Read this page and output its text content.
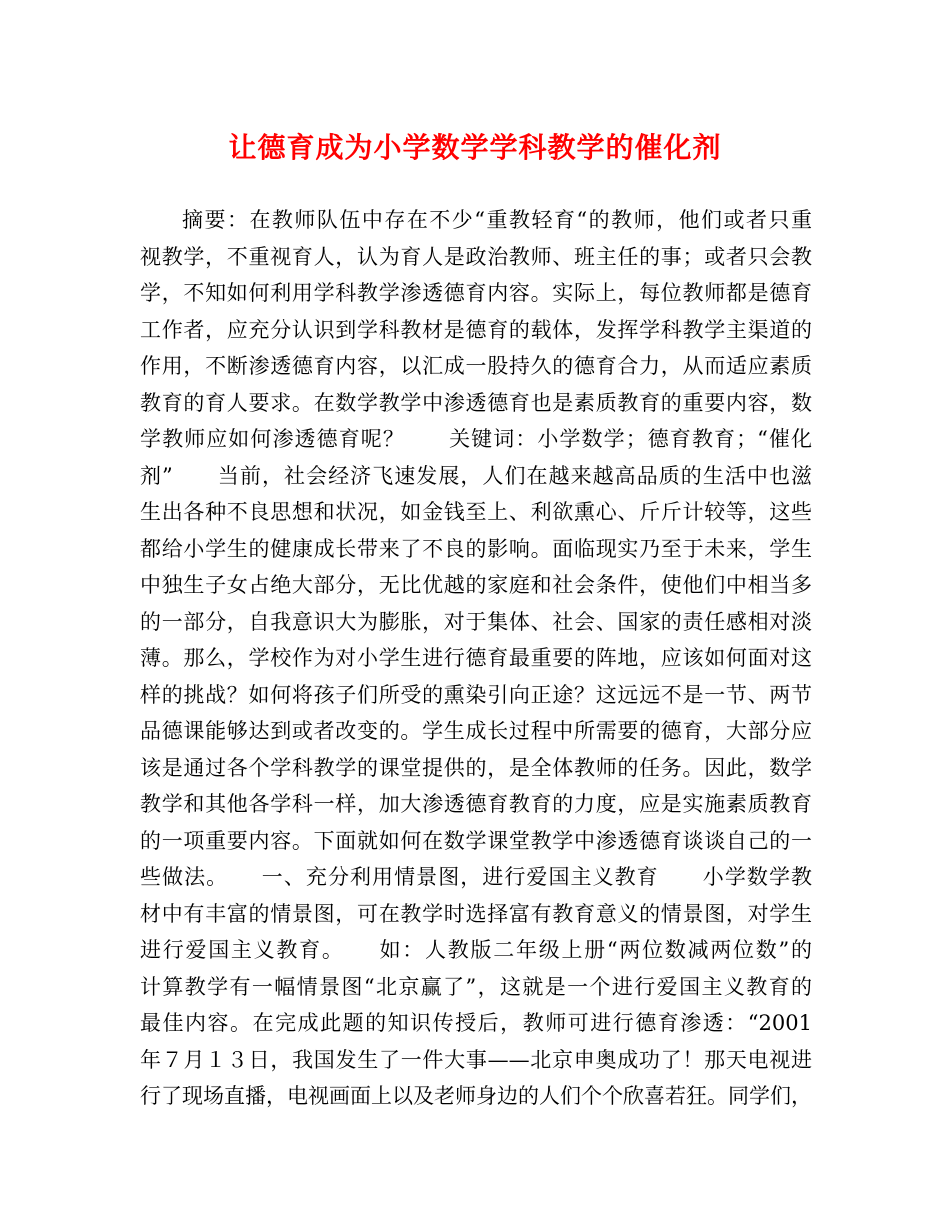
让德育成为小学数学学科教学的催化剂
摘要：在教师队伍中存在不少“重教轻育“的教师，他们或者只重
视教学，不重视育人，认为育人是政治教师、班主任的事；或者只会教
学，不知如何利用学科教学渗透德育内容。实际上，每位教师都是德育
工作者，应充分认识到学科教材是德育的载体，发挥学科教学主渠道的
作用，不断渗透德育内容，以汇成一股持久的德育合力，从而适应素质
教育的育人要求。在数学教学中渗透德育也是素质教育的重要内容，数
学教师应如何渗透德育呢？　　关键词：小学数学；德育教育；“催化
剂”　　当前，社会经济飞速发展，人们在越来越高品质的生活中也滋
生出各种不良思想和状况，如金钱至上、利欲熏心、斤斤计较等，这些
都给小学生的健康成长带来了不良的影响。面临现实乃至于未来，学生
中独生子女占绝大部分，无比优越的家庭和社会条件，使他们中相当多
的一部分，自我意识大为膨胀，对于集体、社会、国家的责任感相对淡
薄。那么，学校作为对小学生进行德育最重要的阵地，应该如何面对这
样的挑战？如何将孩子们所受的熏染引向正途？这远远不是一节、两节
品德课能够达到或者改变的。学生成长过程中所需要的德育，大部分应
该是通过各个学科教学的课堂提供的，是全体教师的任务。因此，数学
教学和其他各学科一样，加大渗透德育教育的力度，应是实施素质教育
的一项重要内容。下面就如何在数学课堂教学中渗透德育谈谈自己的一
些做法。　　一、充分利用情景图，进行爱国主义教育　　小学数学教
材中有丰富的情景图，可在教学时选择富有教育意义的情景图，对学生
进行爱国主义教育。　　如：人教版二年级上册“两位数减两位数”的
计算教学有一幅情景图“北京赢了”，这就是一个进行爱国主义教育的
最佳内容。在完成此题的知识传授后，教师可进行德育渗透：“2001
年７月１３日，我国发生了一件大事——北京申奥成功了！那天电视进
行了现场直播，电视画面上以及老师身边的人们个个欣喜若狂。同学们，
